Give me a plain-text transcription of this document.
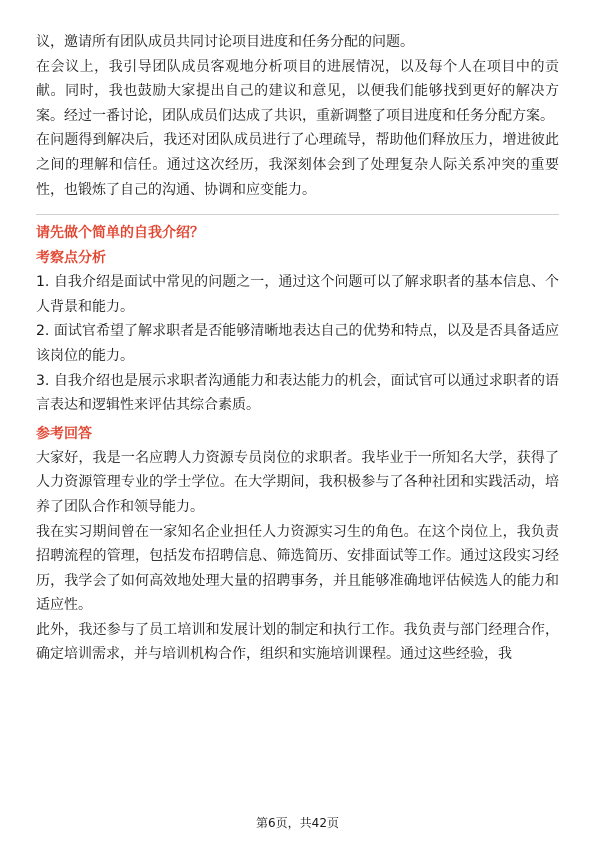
议，邀请所有团队成员共同讨论项目进度和任务分配的问题。

在会议上，我引导团队成员客观地分析项目的进展情况，以及每个人在项目中的贡献。同时，我也鼓励大家提出自己的建议和意见，以便我们能够找到更好的解决方案。经过一番讨论，团队成员们达成了共识，重新调整了项目进度和任务分配方案。

在问题得到解决后，我还对团队成员进行了心理疏导，帮助他们释放压力，增进彼此之间的理解和信任。通过这次经历，我深刻体会到了处理复杂人际关系冲突的重要性，也锻炼了自己的沟通、协调和应变能力。

请先做个简单的自我介绍？
考察点分析

1. 自我介绍是面试中常见的问题之一，通过这个问题可以了解求职者的基本信息、个人背景和能力。

2. 面试官希望了解求职者是否能够清晰地表达自己的优势和特点，以及是否具备适应该岗位的能力。

3. 自我介绍也是展示求职者沟通能力和表达能力的机会，面试官可以通过求职者的语言表达和逻辑性来评估其综合素质。

参考回答

大家好，我是一名应聘人力资源专员岗位的求职者。我毕业于一所知名大学，获得了人力资源管理专业的学士学位。在大学期间，我积极参与了各种社团和实践活动，培养了团队合作和领导能力。

我在实习期间曾在一家知名企业担任人力资源实习生的角色。在这个岗位上，我负责招聘流程的管理，包括发布招聘信息、筛选简历、安排面试等工作。通过这段实习经历，我学会了如何高效地处理大量的招聘事务，并且能够准确地评估候选人的能力和适应性。

此外，我还参与了员工培训和发展计划的制定和执行工作。我负责与部门经理合作，确定培训需求，并与培训机构合作，组织和实施培训课程。通过这些经验，我

第6页，共42页
